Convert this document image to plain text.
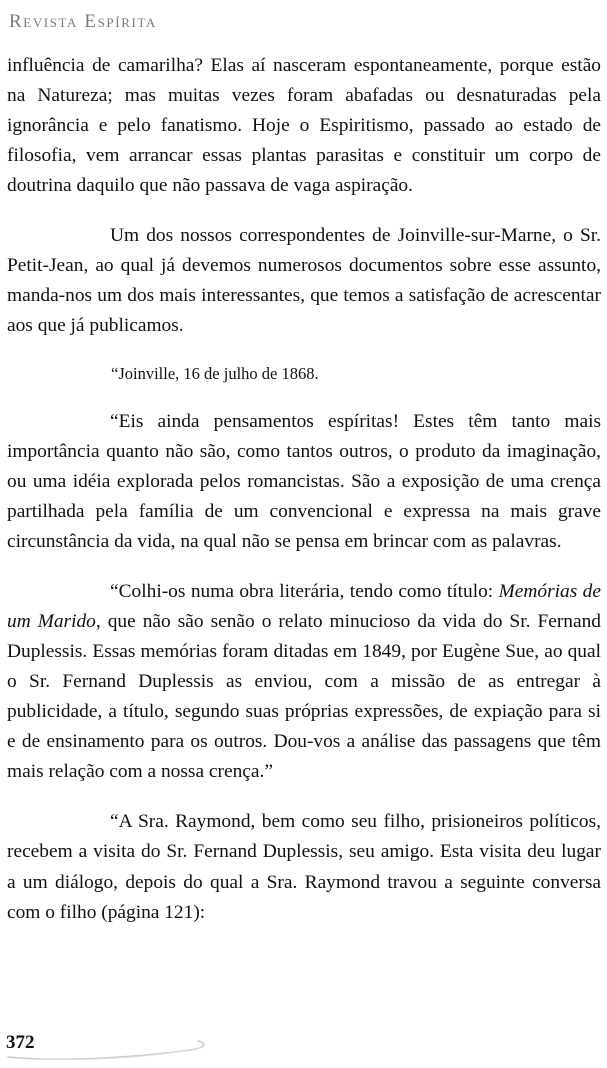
Revista Espírita

influência de camarilha? Elas aí nasceram espontaneamente, porque estão na Natureza; mas muitas vezes foram abafadas ou desnaturadas pela ignorância e pelo fanatismo. Hoje o Espiritismo, passado ao estado de filosofia, vem arrancar essas plantas parasitas e constituir um corpo de doutrina daquilo que não passava de vaga aspiração.

Um dos nossos correspondentes de Joinville-sur-Marne, o Sr. Petit-Jean, ao qual já devemos numerosos documentos sobre esse assunto, manda-nos um dos mais interessantes, que temos a satisfação de acrescentar aos que já publicamos.

“Joinville, 16 de julho de 1868.

“Eis ainda pensamentos espíritas! Estes têm tanto mais importância quanto não são, como tantos outros, o produto da imaginação, ou uma idéia explorada pelos romancistas. São a exposição de uma crença partilhada pela família de um convencional e expressa na mais grave circunstância da vida, na qual não se pensa em brincar com as palavras.

“Colhi-os numa obra literária, tendo como título: Memórias de um Marido, que não são senão o relato minucioso da vida do Sr. Fernand Duplessis. Essas memórias foram ditadas em 1849, por Eugène Sue, ao qual o Sr. Fernand Duplessis as enviou, com a missão de as entregar à publicidade, a título, segundo suas próprias expressões, de expiação para si e de ensinamento para os outros. Dou-vos a análise das passagens que têm mais relação com a nossa crença.”

“A Sra. Raymond, bem como seu filho, prisioneiros políticos, recebem a visita do Sr. Fernand Duplessis, seu amigo. Esta visita deu lugar a um diálogo, depois do qual a Sra. Raymond travou a seguinte conversa com o filho (página 121):

372
